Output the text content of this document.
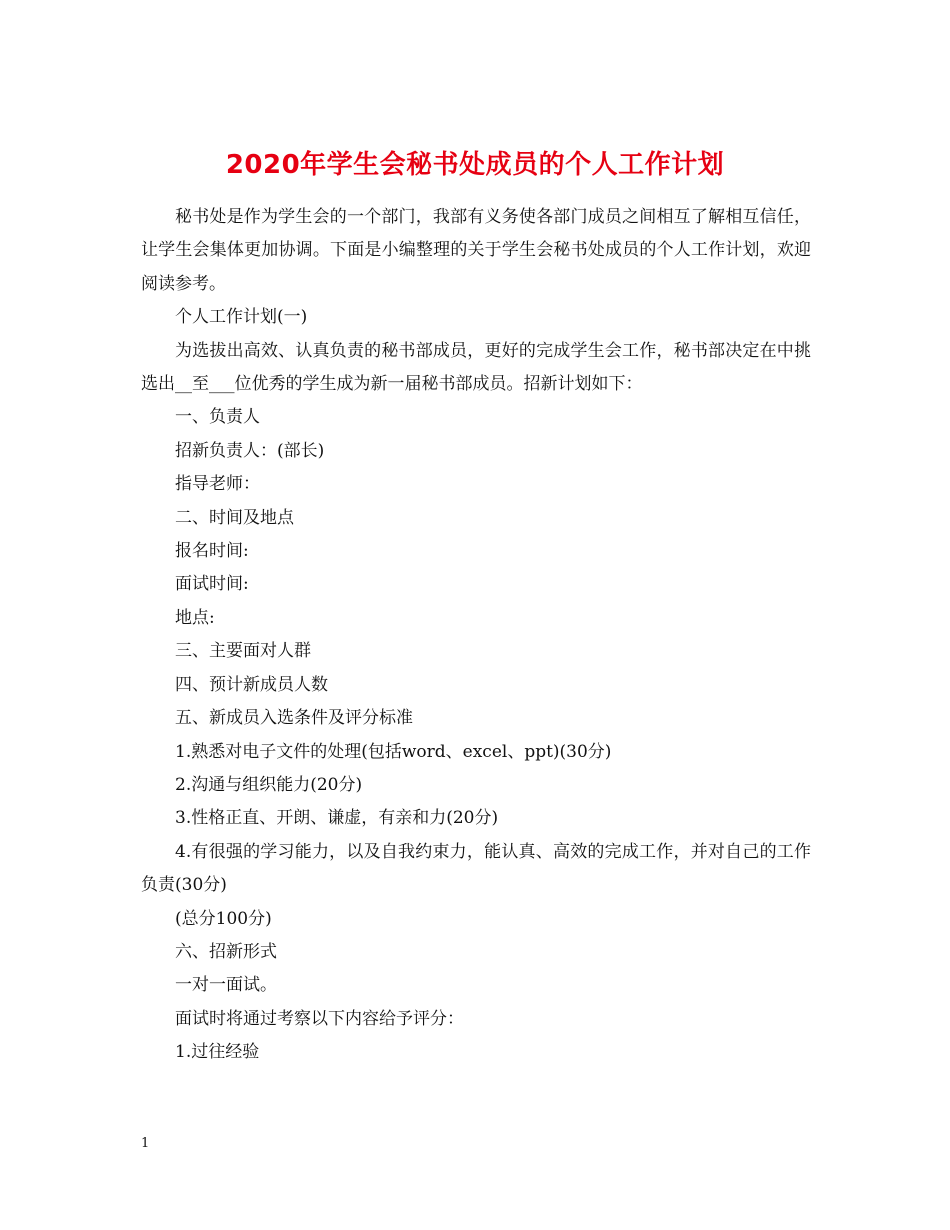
2020年学生会秘书处成员的个人工作计划

秘书处是作为学生会的一个部门，我部有义务使各部门成员之间相互了解相互信任，让学生会集体更加协调。下面是小编整理的关于学生会秘书处成员的个人工作计划，欢迎阅读参考。

个人工作计划(一)

为选拔出高效、认真负责的秘书部成员，更好的完成学生会工作，秘书部决定在中挑选出__至___位优秀的学生成为新一届秘书部成员。招新计划如下：

一、负责人

招新负责人：(部长)

指导老师：

二、时间及地点

报名时间:

面试时间:

地点:

三、主要面对人群

四、预计新成员人数

五、新成员入选条件及评分标准

1.熟悉对电子文件的处理(包括word、excel、ppt)(30分)

2.沟通与组织能力(20分)

3.性格正直、开朗、谦虚，有亲和力(20分)

4.有很强的学习能力，以及自我约束力，能认真、高效的完成工作，并对自己的工作负责(30分)

(总分100分)

六、招新形式

一对一面试。

面试时将通过考察以下内容给予评分：

1.过往经验

1
